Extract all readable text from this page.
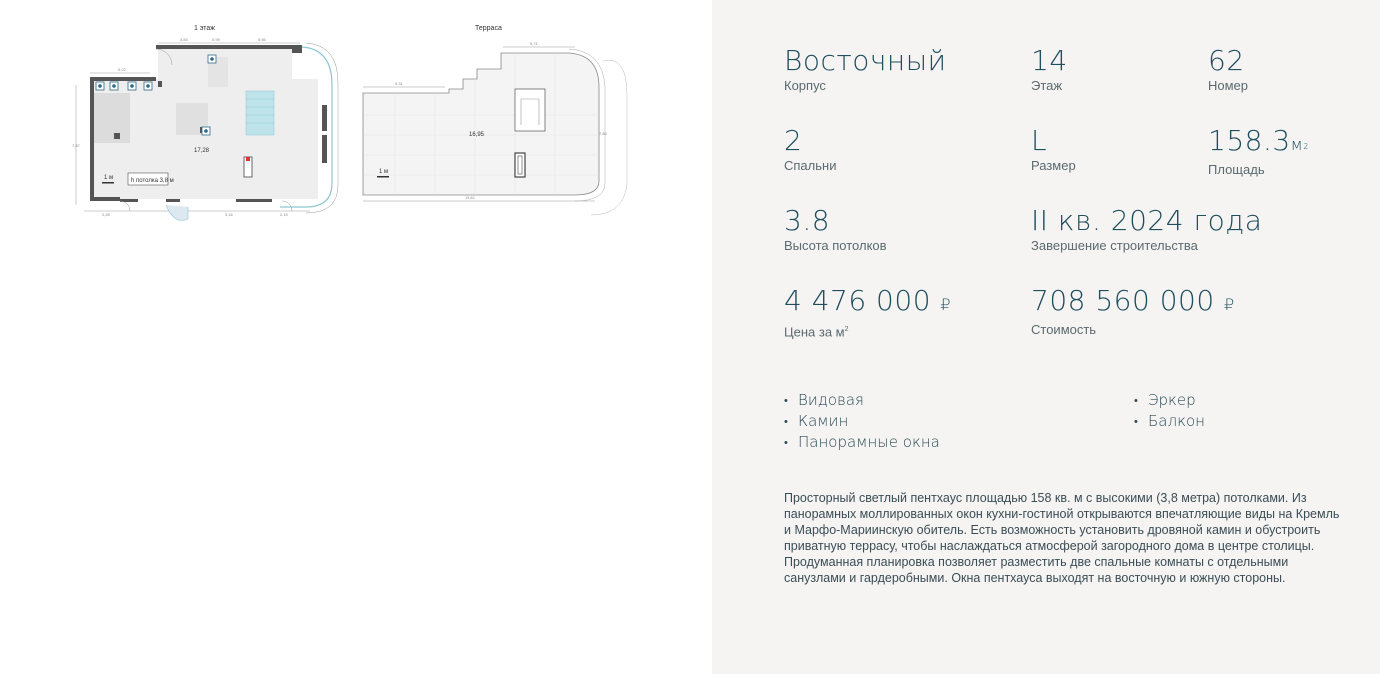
1 этаж	Терраса
3,84	0,99	5,56
5,22
7,87
2,28	3,16	2,15
17,28
1 м	h потолка 3,8 м
9,31
15,61
5,71
7,86
16,95
1 м
Восточный
Корпус
14
Этаж
62
Номер
2
Спальни
L
Размер
$158.3м^2$
Площадь
3.8
Высота потолков
II кв. 2024 года
Завершение строительства
4 476 000 ₽
Цена за $м^2$
708 560 000 ₽
Стоимость
• Видовая
• Камин
• Панорамные окна
• Эркер
• Балкон

Просторный светлый пентхаус площадью 158 кв. м с высокими (3,8 метра) потолками. Из панорамных моллированных окон кухни-гостиной открываются впечатляющие виды на Кремль и Марфо-Мариинскую обитель. Есть возможность установить дровяной камин и обустроить приватную террасу, чтобы наслаждаться атмосферой загородного дома в центре столицы. Продуманная планировка позволяет разместить две спальные комнаты с отдельными санузлами и гардеробными. Окна пентхауса выходят на восточную и южную стороны.
